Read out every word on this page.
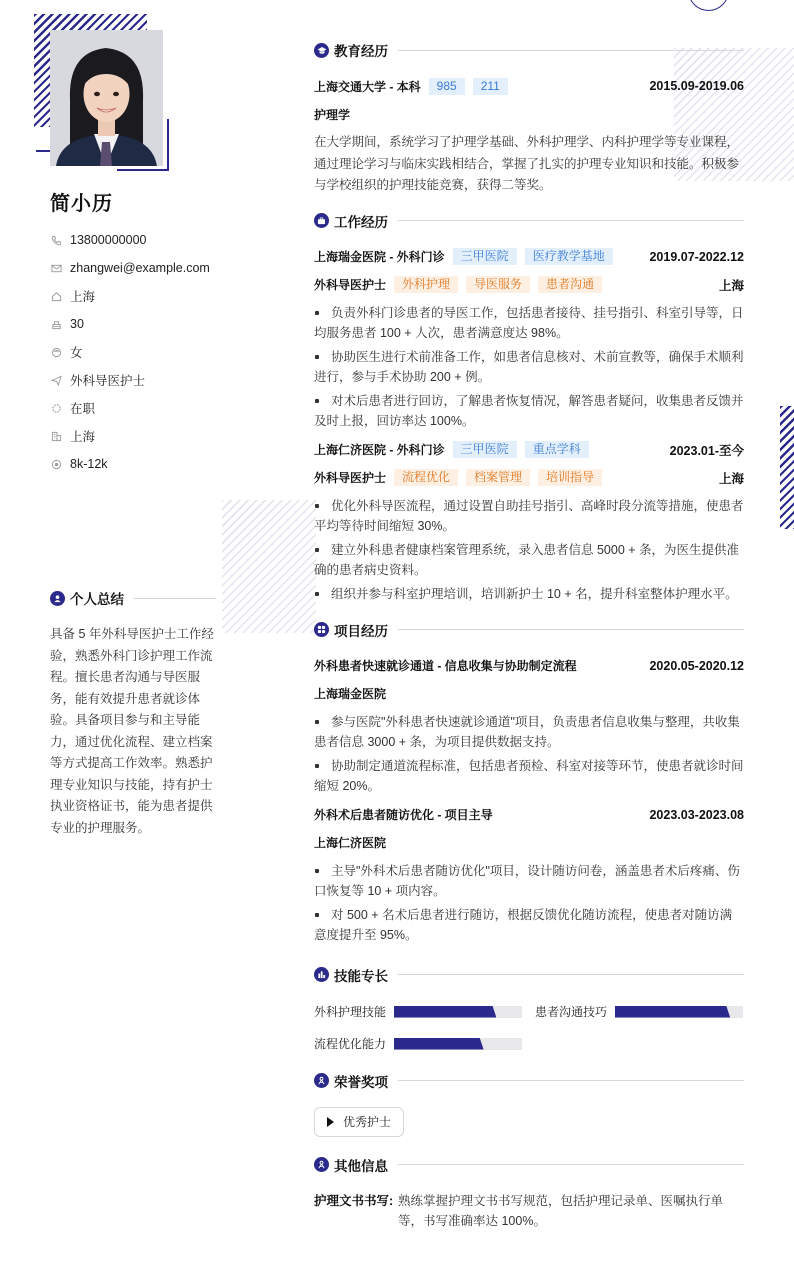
简小历
13800000000
zhangwei@example.com
上海
30
女
外科导医护士
在职
上海
8k-12k
个人总结
具备 5 年外科导医护士工作经验，熟悉外科门诊护理工作流程。擅长患者沟通与导医服务，能有效提升患者就诊体验。具备项目参与和主导能力，通过优化流程、建立档案等方式提高工作效率。熟悉护理专业知识与技能，持有护士执业资格证书，能为患者提供专业的护理服务。
教育经历
上海交通大学 - 本科	985	211	2015.09-2019.06
护理学
在大学期间，系统学习了护理学基础、外科护理学、内科护理学等专业课程，通过理论学习与临床实践相结合，掌握了扎实的护理专业知识和技能。积极参与学校组织的护理技能竞赛，获得二等奖。
工作经历
上海瑞金医院 - 外科门诊	三甲医院	医疗教学基地	2019.07-2022.12
外科导医护士	外科护理	导医服务	患者沟通	上海
负责外科门诊患者的导医工作，包括患者接待、挂号指引、科室引导等，日均服务患者 100 + 人次，患者满意度达 98%。
协助医生进行术前准备工作，如患者信息核对、术前宣教等，确保手术顺利进行，参与手术协助 200 + 例。
对术后患者进行回访，了解患者恢复情况，解答患者疑问，收集患者反馈并及时上报，回访率达 100%。
上海仁济医院 - 外科门诊	三甲医院	重点学科	2023.01-至今
外科导医护士	流程优化	档案管理	培训指导	上海
优化外科导医流程，通过设置自助挂号指引、高峰时段分流等措施，使患者平均等待时间缩短 30%。
建立外科患者健康档案管理系统，录入患者信息 5000 + 条，为医生提供准确的患者病史资料。
组织并参与科室护理培训，培训新护士 10 + 名，提升科室整体护理水平。
项目经历
外科患者快速就诊通道 - 信息收集与协助制定流程	2020.05-2020.12
上海瑞金医院
参与医院"外科患者快速就诊通道"项目，负责患者信息收集与整理，共收集患者信息 3000 + 条，为项目提供数据支持。
协助制定通道流程标准，包括患者预检、科室对接等环节，使患者就诊时间缩短 20%。
外科术后患者随访优化 - 项目主导	2023.03-2023.08
上海仁济医院
主导"外科术后患者随访优化"项目，设计随访问卷，涵盖患者术后疼痛、伤口恢复等 10 + 项内容。
对 500 + 名术后患者进行随访，根据反馈优化随访流程，使患者对随访满意度提升至 95%。
技能专长
外科护理技能	患者沟通技巧
流程优化能力
荣誉奖项
优秀护士
其他信息
护理文书书写: 熟练掌握护理文书书写规范，包括护理记录单、医嘱执行单等，书写准确率达 100%。
